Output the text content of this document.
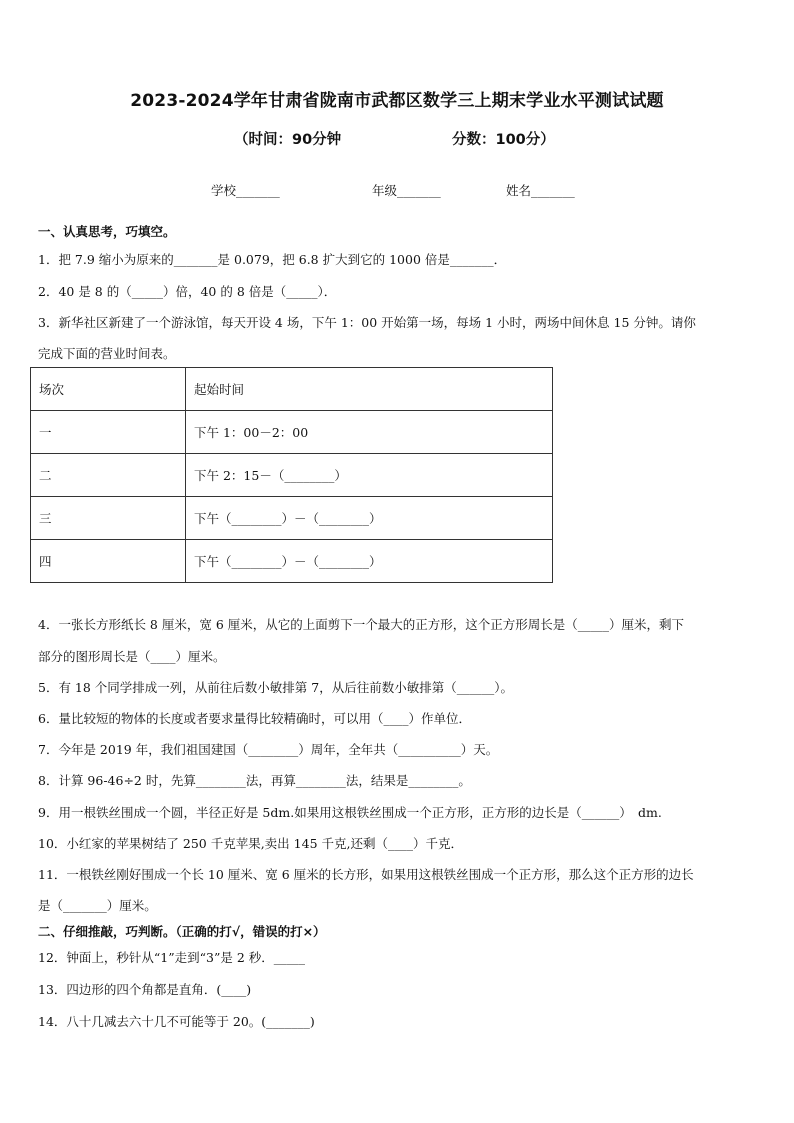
2023-2024学年甘肃省陇南市武都区数学三上期末学业水平测试试题
（时间：90分钟	分数：100分）
学校_______	年级_______	姓名_______
一、认真思考，巧填空。
1．把 7.9 缩小为原来的_______是 0.079，把 6.8 扩大到它的 1000 倍是_______．
2．40 是 8 的（_____）倍，40 的 8 倍是（_____）．
3．新华社区新建了一个游泳馆，每天开设 4 场，下午 1：00 开始第一场，每场 1 小时，两场中间休息 15 分钟。请你
完成下面的营业时间表。
场次	起始时间
一	下午 1：00－2：00
二	下午 2：15－（________）
三	下午（________）－（________）
四	下午（________）－（________）
4．一张长方形纸长 8 厘米，宽 6 厘米，从它的上面剪下一个最大的正方形，这个正方形周长是（_____）厘米，剩下
部分的图形周长是（____）厘米。
5．有 18 个同学排成一列，从前往后数小敏排第 7，从后往前数小敏排第（______）。
6．量比较短的物体的长度或者要求量得比较精确时，可以用（____）作单位．
7．今年是 2019 年，我们祖国建国（________）周年，全年共（__________）天。
8．计算 96-46÷2 时，先算________法，再算________法，结果是________。
9．用一根铁丝围成一个圆，半径正好是 5dm.如果用这根铁丝围成一个正方形，正方形的边长是（______）　dm.
10．小红家的苹果树结了 250 千克苹果,卖出 145 千克,还剩（____）千克．
11．一根铁丝刚好围成一个长 10 厘米、宽 6 厘米的长方形，如果用这根铁丝围成一个正方形，那么这个正方形的边长
是（_______）厘米。
二、仔细推敲，巧判断。（正确的打√，错误的打×）
12．钟面上，秒针从“1”走到“3”是 2 秒．_____
13．四边形的四个角都是直角．(____)
14．八十几减去六十几不可能等于 20。(_______)
